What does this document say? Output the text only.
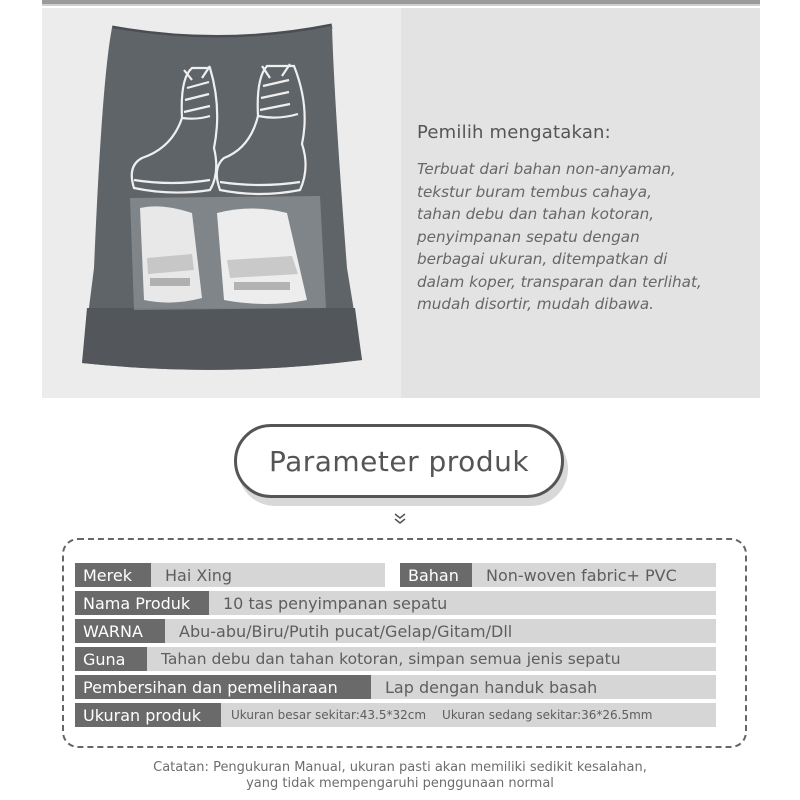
Pemilih mengatakan:
Terbuat dari bahan non-anyaman,
tekstur buram tembus cahaya,
tahan debu dan tahan kotoran,
penyimpanan sepatu dengan
berbagai ukuran, ditempatkan di
dalam koper, transparan dan terlihat,
mudah disortir, mudah dibawa.
Parameter produk
Merek	Hai Xing	Bahan	Non-woven fabric+ PVC
Nama Produk	10 tas penyimpanan sepatu
WARNA	Abu-abu/Biru/Putih pucat/Gelap/Gitam/Dll
Guna	Tahan debu dan tahan kotoran, simpan semua jenis sepatu
Pembersihan dan pemeliharaan	Lap dengan handuk basah
Ukuran produk	Ukuran besar sekitar:43.5*32cm	Ukuran sedang sekitar:36*26.5mm
Catatan: Pengukuran Manual, ukuran pasti akan memiliki sedikit kesalahan,
yang tidak mempengaruhi penggunaan normal
